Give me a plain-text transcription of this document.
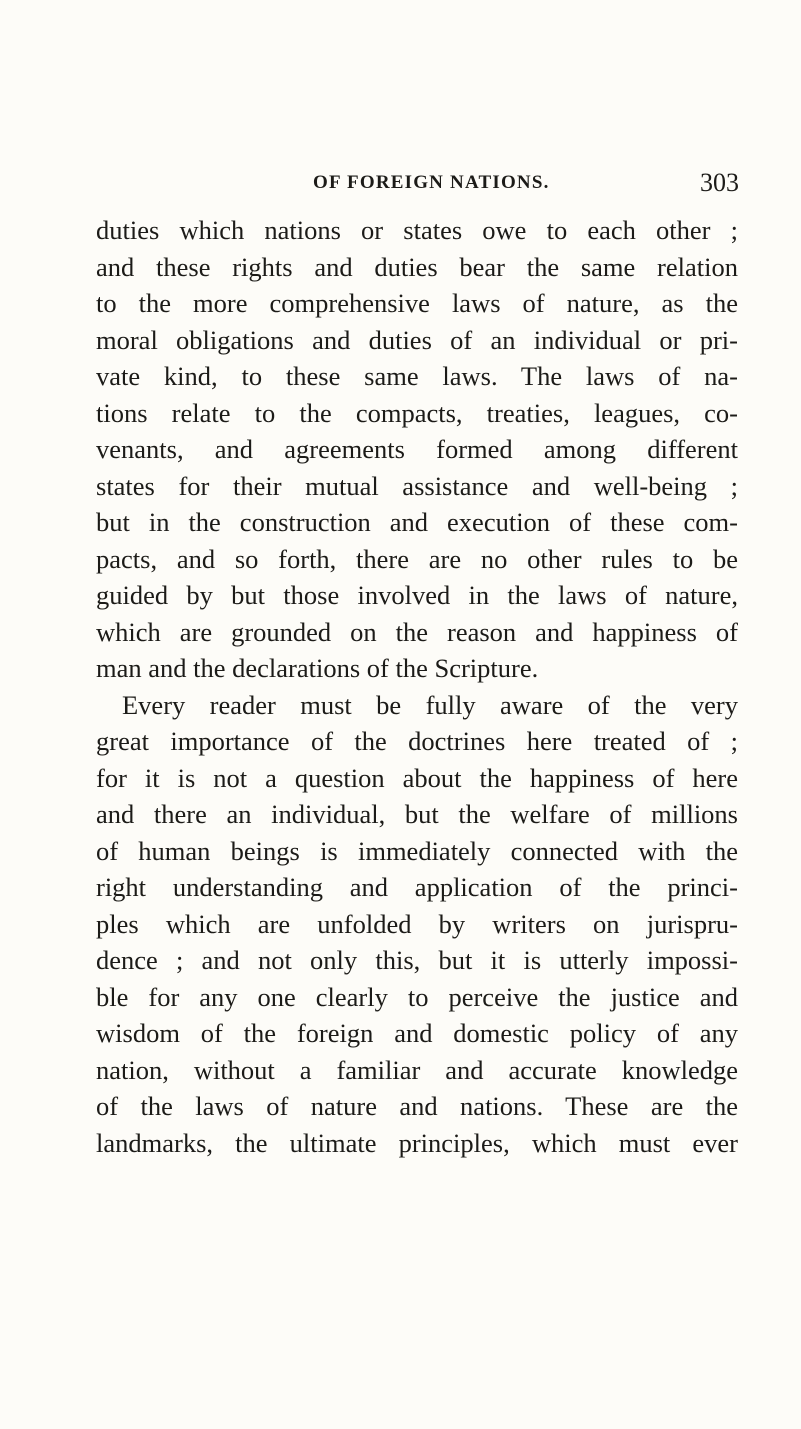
OF FOREIGN NATIONS.	303
duties which nations or states owe to each other ;
and these rights and duties bear the same relation
to the more comprehensive laws of nature, as the
moral obligations and duties of an individual or pri-
vate kind, to these same laws. The laws of na-
tions relate to the compacts, treaties, leagues, co-
venants, and agreements formed among different
states for their mutual assistance and well-being ;
but in the construction and execution of these com-
pacts, and so forth, there are no other rules to be
guided by but those involved in the laws of nature,
which are grounded on the reason and happiness of
man and the declarations of the Scripture.
Every reader must be fully aware of the very
great importance of the doctrines here treated of ;
for it is not a question about the happiness of here
and there an individual, but the welfare of millions
of human beings is immediately connected with the
right understanding and application of the princi-
ples which are unfolded by writers on jurispru-
dence ; and not only this, but it is utterly impossi-
ble for any one clearly to perceive the justice and
wisdom of the foreign and domestic policy of any
nation, without a familiar and accurate knowledge
of the laws of nature and nations. These are the
landmarks, the ultimate principles, which must ever
